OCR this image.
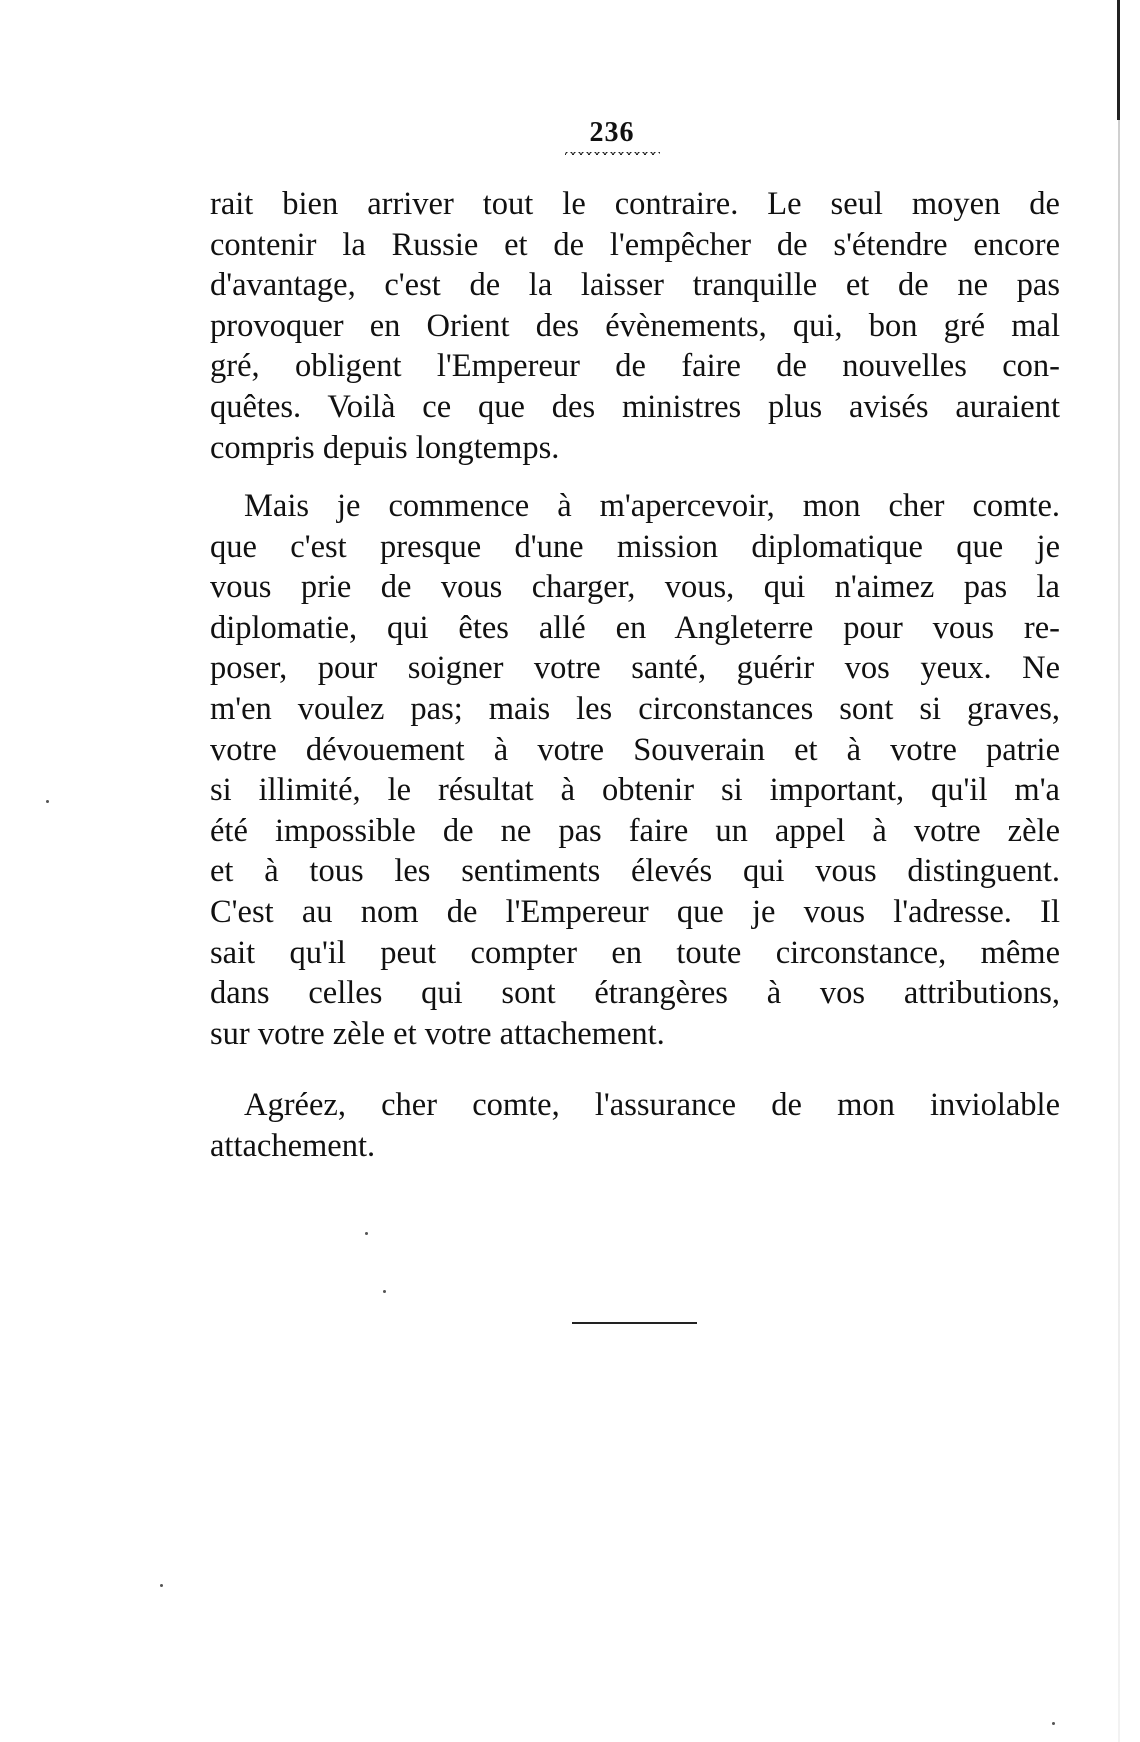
236
rait bien arriver tout le contraire. Le seul moyen de
contenir la Russie et de l'empêcher de s'étendre encore
d'avantage, c'est de la laisser tranquille et de ne pas
provoquer en Orient des évènements, qui, bon gré mal
gré, obligent l'Empereur de faire de nouvelles con-
quêtes. Voilà ce que des ministres plus avisés auraient
compris depuis longtemps.
Mais je commence à m'apercevoir, mon cher comte.
que c'est presque d'une mission diplomatique que je
vous prie de vous charger, vous, qui n'aimez pas la
diplomatie, qui êtes allé en Angleterre pour vous re-
poser, pour soigner votre santé, guérir vos yeux. Ne
m'en voulez pas; mais les circonstances sont si graves,
votre dévouement à votre Souverain et à votre patrie
si illimité, le résultat à obtenir si important, qu'il m'a
été impossible de ne pas faire un appel à votre zèle
et à tous les sentiments élevés qui vous distinguent.
C'est au nom de l'Empereur que je vous l'adresse. Il
sait qu'il peut compter en toute circonstance, même
dans celles qui sont étrangères à vos attributions,
sur votre zèle et votre attachement.
Agréez, cher comte, l'assurance de mon inviolable
attachement.
